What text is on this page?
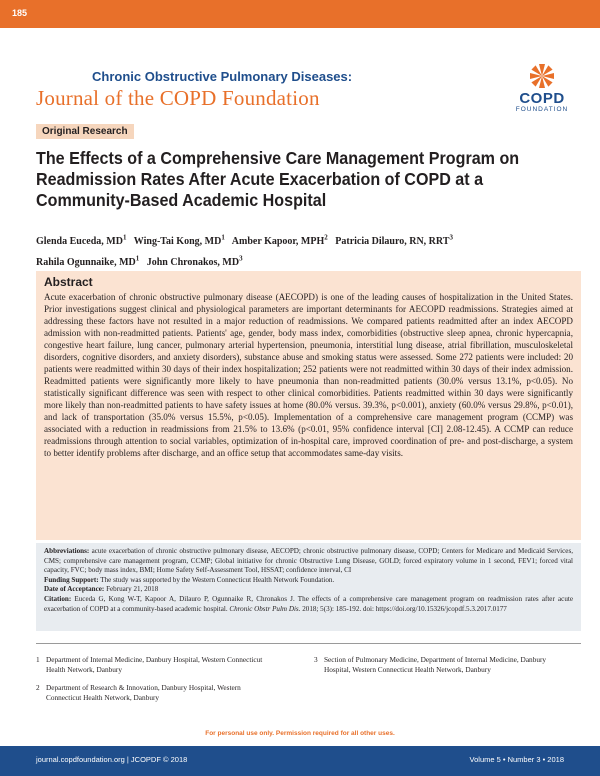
185
Chronic Obstructive Pulmonary Diseases:
Journal of the COPD Foundation	COPD
FOUNDATION
Original Research
The Effects of a Comprehensive Care Management Program on Readmission Rates After Acute Exacerbation of COPD at a Community-Based Academic Hospital
Glenda Euceda, $MD^1$ Wing-Tai Kong, $MD^1$ Amber Kapoor, MPH$^2$ Patricia Dilauro, RN, RRT$^3$
Rahila Ogunnaike, $MD^1$ John Chronakos, $MD^3$
Abstract
Acute exacerbation of chronic obstructive pulmonary disease (AECOPD) is one of the leading causes of hospitalization in the United States. Prior investigations suggest clinical and physiological parameters are important determinants for AECOPD readmissions. Strategies aimed at addressing these factors have not resulted in a major reduction of readmissions. We compared patients readmitted after an index AECOPD admission with non-readmitted patients. Patients' age, gender, body mass index, comorbidities (obstructive sleep apnea, chronic hypercapnia, congestive heart failure, lung cancer, pulmonary arterial hypertension, pneumonia, interstitial lung disease, atrial fibrillation, musculoskeletal disorders, cognitive disorders, and anxiety disorders), substance abuse and smoking status were assessed. Some 272 patients were included: 20 patients were readmitted within 30 days of their index hospitalization; 252 patients were not readmitted within 30 days of their index admission. Readmitted patients were significantly more likely to have pneumonia than non-readmitted patients (30.0% versus 13.1%, p<0.05). No statistically significant difference was seen with respect to other clinical comorbidities. Patients readmitted within 30 days were significantly more likely than non-readmitted patients to have safety issues at home (80.0% versus. 39.3%, p<0.001), anxiety (60.0% versus 29.8%, p<0.01), and lack of transportation (35.0% versus 15.5%, p<0.05). Implementation of a comprehensive care management program (CCMP) was associated with a reduction in readmissions from 21.5% to 13.6% (p<0.01, 95% confidence interval [CI] 2.08-12.45). A CCMP can reduce readmissions through attention to social variables, optimization of in-hospital care, improved coordination of pre- and post-discharge, a system to better identify problems after discharge, and an office setup that accommodates same-day visits.
Abbreviations: acute exacerbation of chronic obstructive pulmonary disease, AECOPD; chronic obstructive pulmonary disease, COPD; Centers for Medicare and Medicaid Services, CMS; comprehensive care management program, CCMP; Global initiative for chronic Obstructive Lung Disease, GOLD; forced expiratory volume in 1 second, FEV1; forced vital capacity, FVC; body mass index, BMI; Home Safety Self-Assessment Tool, HSSAT; confidence interval, CI
Funding Support: The study was supported by the Western Connecticut Health Network Foundation.
Date of Acceptance: February 21, 2018
Citation: Euceda G, Kong W-T, Kapoor A, Dilauro P, Ogunnaike R, Chronakos J. The effects of a comprehensive care management program on readmission rates after acute exacerbation of COPD at a community-based academic hospital. Chronic Obstr Pulm Dis. 2018; 5(3): 185-192. doi: https://doi.org/10.15326/jcopdf.5.3.2017.0177
1 Department of Internal Medicine, Danbury Hospital, Western Connecticut Health Network, Danbury
2 Department of Research & Innovation, Danbury Hospital, Western Connecticut Health Network, Danbury
3 Section of Pulmonary Medicine, Department of Internal Medicine, Danbury Hospital, Western Connecticut Health Network, Danbury
For personal use only. Permission required for all other uses.
journal.copdfoundation.org | JCOPDF © 2018	Volume 5 • Number 3 • 2018
